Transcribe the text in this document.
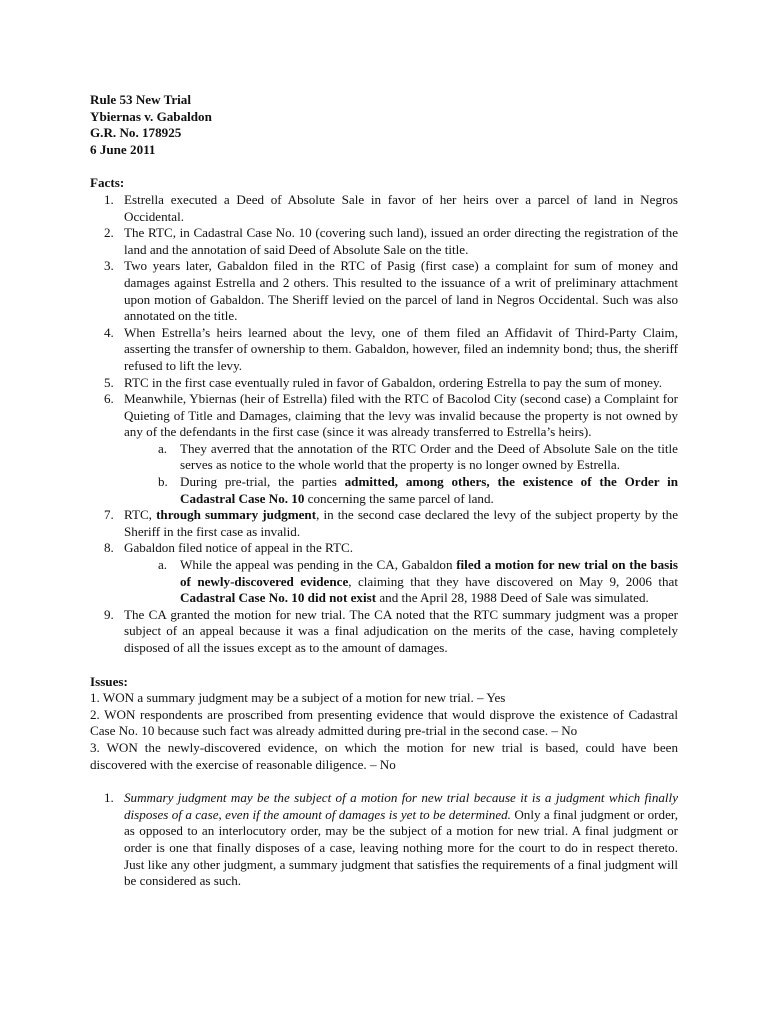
Rule 53 New Trial

Ybiernas v. Gabaldon

G.R. No. 178925

6 June 2011

Facts:

1. Estrella executed a Deed of Absolute Sale in favor of her heirs over a parcel of land in Negros Occidental.
2. The RTC, in Cadastral Case No. 10 (covering such land), issued an order directing the registration of the land and the annotation of said Deed of Absolute Sale on the title.
3. Two years later, Gabaldon filed in the RTC of Pasig (first case) a complaint for sum of money and damages against Estrella and 2 others. This resulted to the issuance of a writ of preliminary attachment upon motion of Gabaldon. The Sheriff levied on the parcel of land in Negros Occidental. Such was also annotated on the title.
4. When Estrella’s heirs learned about the levy, one of them filed an Affidavit of Third-Party Claim, asserting the transfer of ownership to them. Gabaldon, however, filed an indemnity bond; thus, the sheriff refused to lift the levy.
5. RTC in the first case eventually ruled in favor of Gabaldon, ordering Estrella to pay the sum of money.
6. Meanwhile, Ybiernas (heir of Estrella) filed with the RTC of Bacolod City (second case) a Complaint for Quieting of Title and Damages, claiming that the levy was invalid because the property is not owned by any of the defendants in the first case (since it was already transferred to Estrella’s heirs).
a. They averred that the annotation of the RTC Order and the Deed of Absolute Sale on the title serves as notice to the whole world that the property is no longer owned by Estrella.
b. During pre-trial, the parties admitted, among others, the existence of the Order in Cadastral Case No. 10 concerning the same parcel of land.
7. RTC, through summary judgment, in the second case declared the levy of the subject property by the Sheriff in the first case as invalid.
8. Gabaldon filed notice of appeal in the RTC.
a. While the appeal was pending in the CA, Gabaldon filed a motion for new trial on the basis of newly-discovered evidence, claiming that they have discovered on May 9, 2006 that Cadastral Case No. 10 did not exist and the April 28, 1988 Deed of Sale was simulated.
9. The CA granted the motion for new trial. The CA noted that the RTC summary judgment was a proper subject of an appeal because it was a final adjudication on the merits of the case, having completely disposed of all the issues except as to the amount of damages.

Issues:

1. WON a summary judgment may be a subject of a motion for new trial. – Yes

2. WON respondents are proscribed from presenting evidence that would disprove the existence of Cadastral Case No. 10 because such fact was already admitted during pre-trial in the second case. – No

3. WON the newly-discovered evidence, on which the motion for new trial is based, could have been discovered with the exercise of reasonable diligence. – No

1. Summary judgment may be the subject of a motion for new trial because it is a judgment which finally disposes of a case, even if the amount of damages is yet to be determined. Only a final judgment or order, as opposed to an interlocutory order, may be the subject of a motion for new trial. A final judgment or order is one that finally disposes of a case, leaving nothing more for the court to do in respect thereto. Just like any other judgment, a summary judgment that satisfies the requirements of a final judgment will be considered as such.
